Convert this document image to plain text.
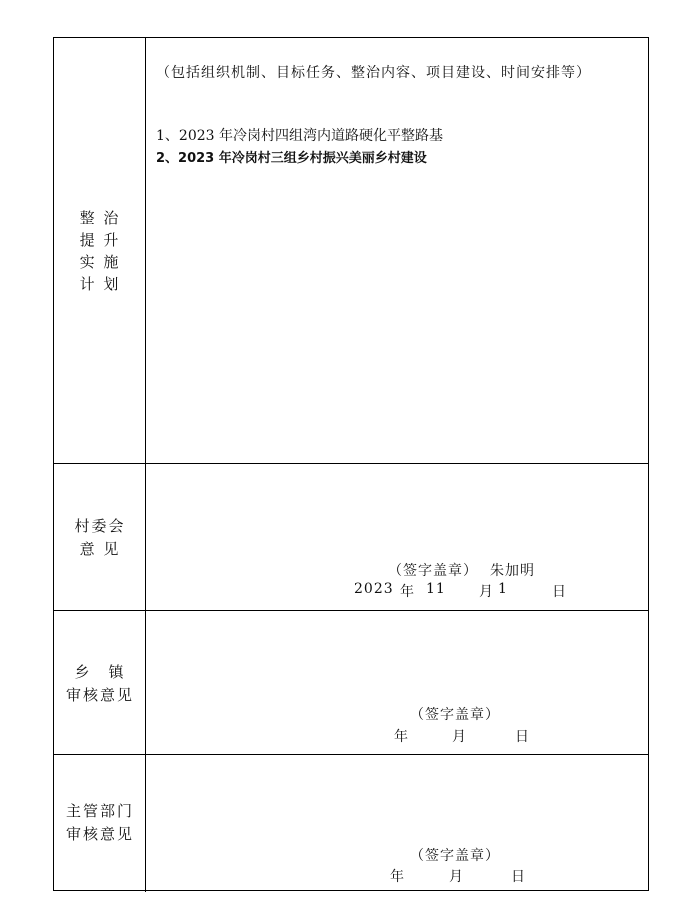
整 治
提 升
实 施
计 划
（包括组织机制、目标任务、整治内容、项目建设、时间安排等）
1、2023 年冷岗村四组湾内道路硬化平整路基
2、2023 年冷岗村三组乡村振兴美丽乡村建设
村委会
意 见
（签字盖章） 朱加明
2023 年 11 月 1	日
乡　镇
审核意见
（签字盖章）
年	月	日
主管部门
审核意见
（签字盖章）
年	月	日
